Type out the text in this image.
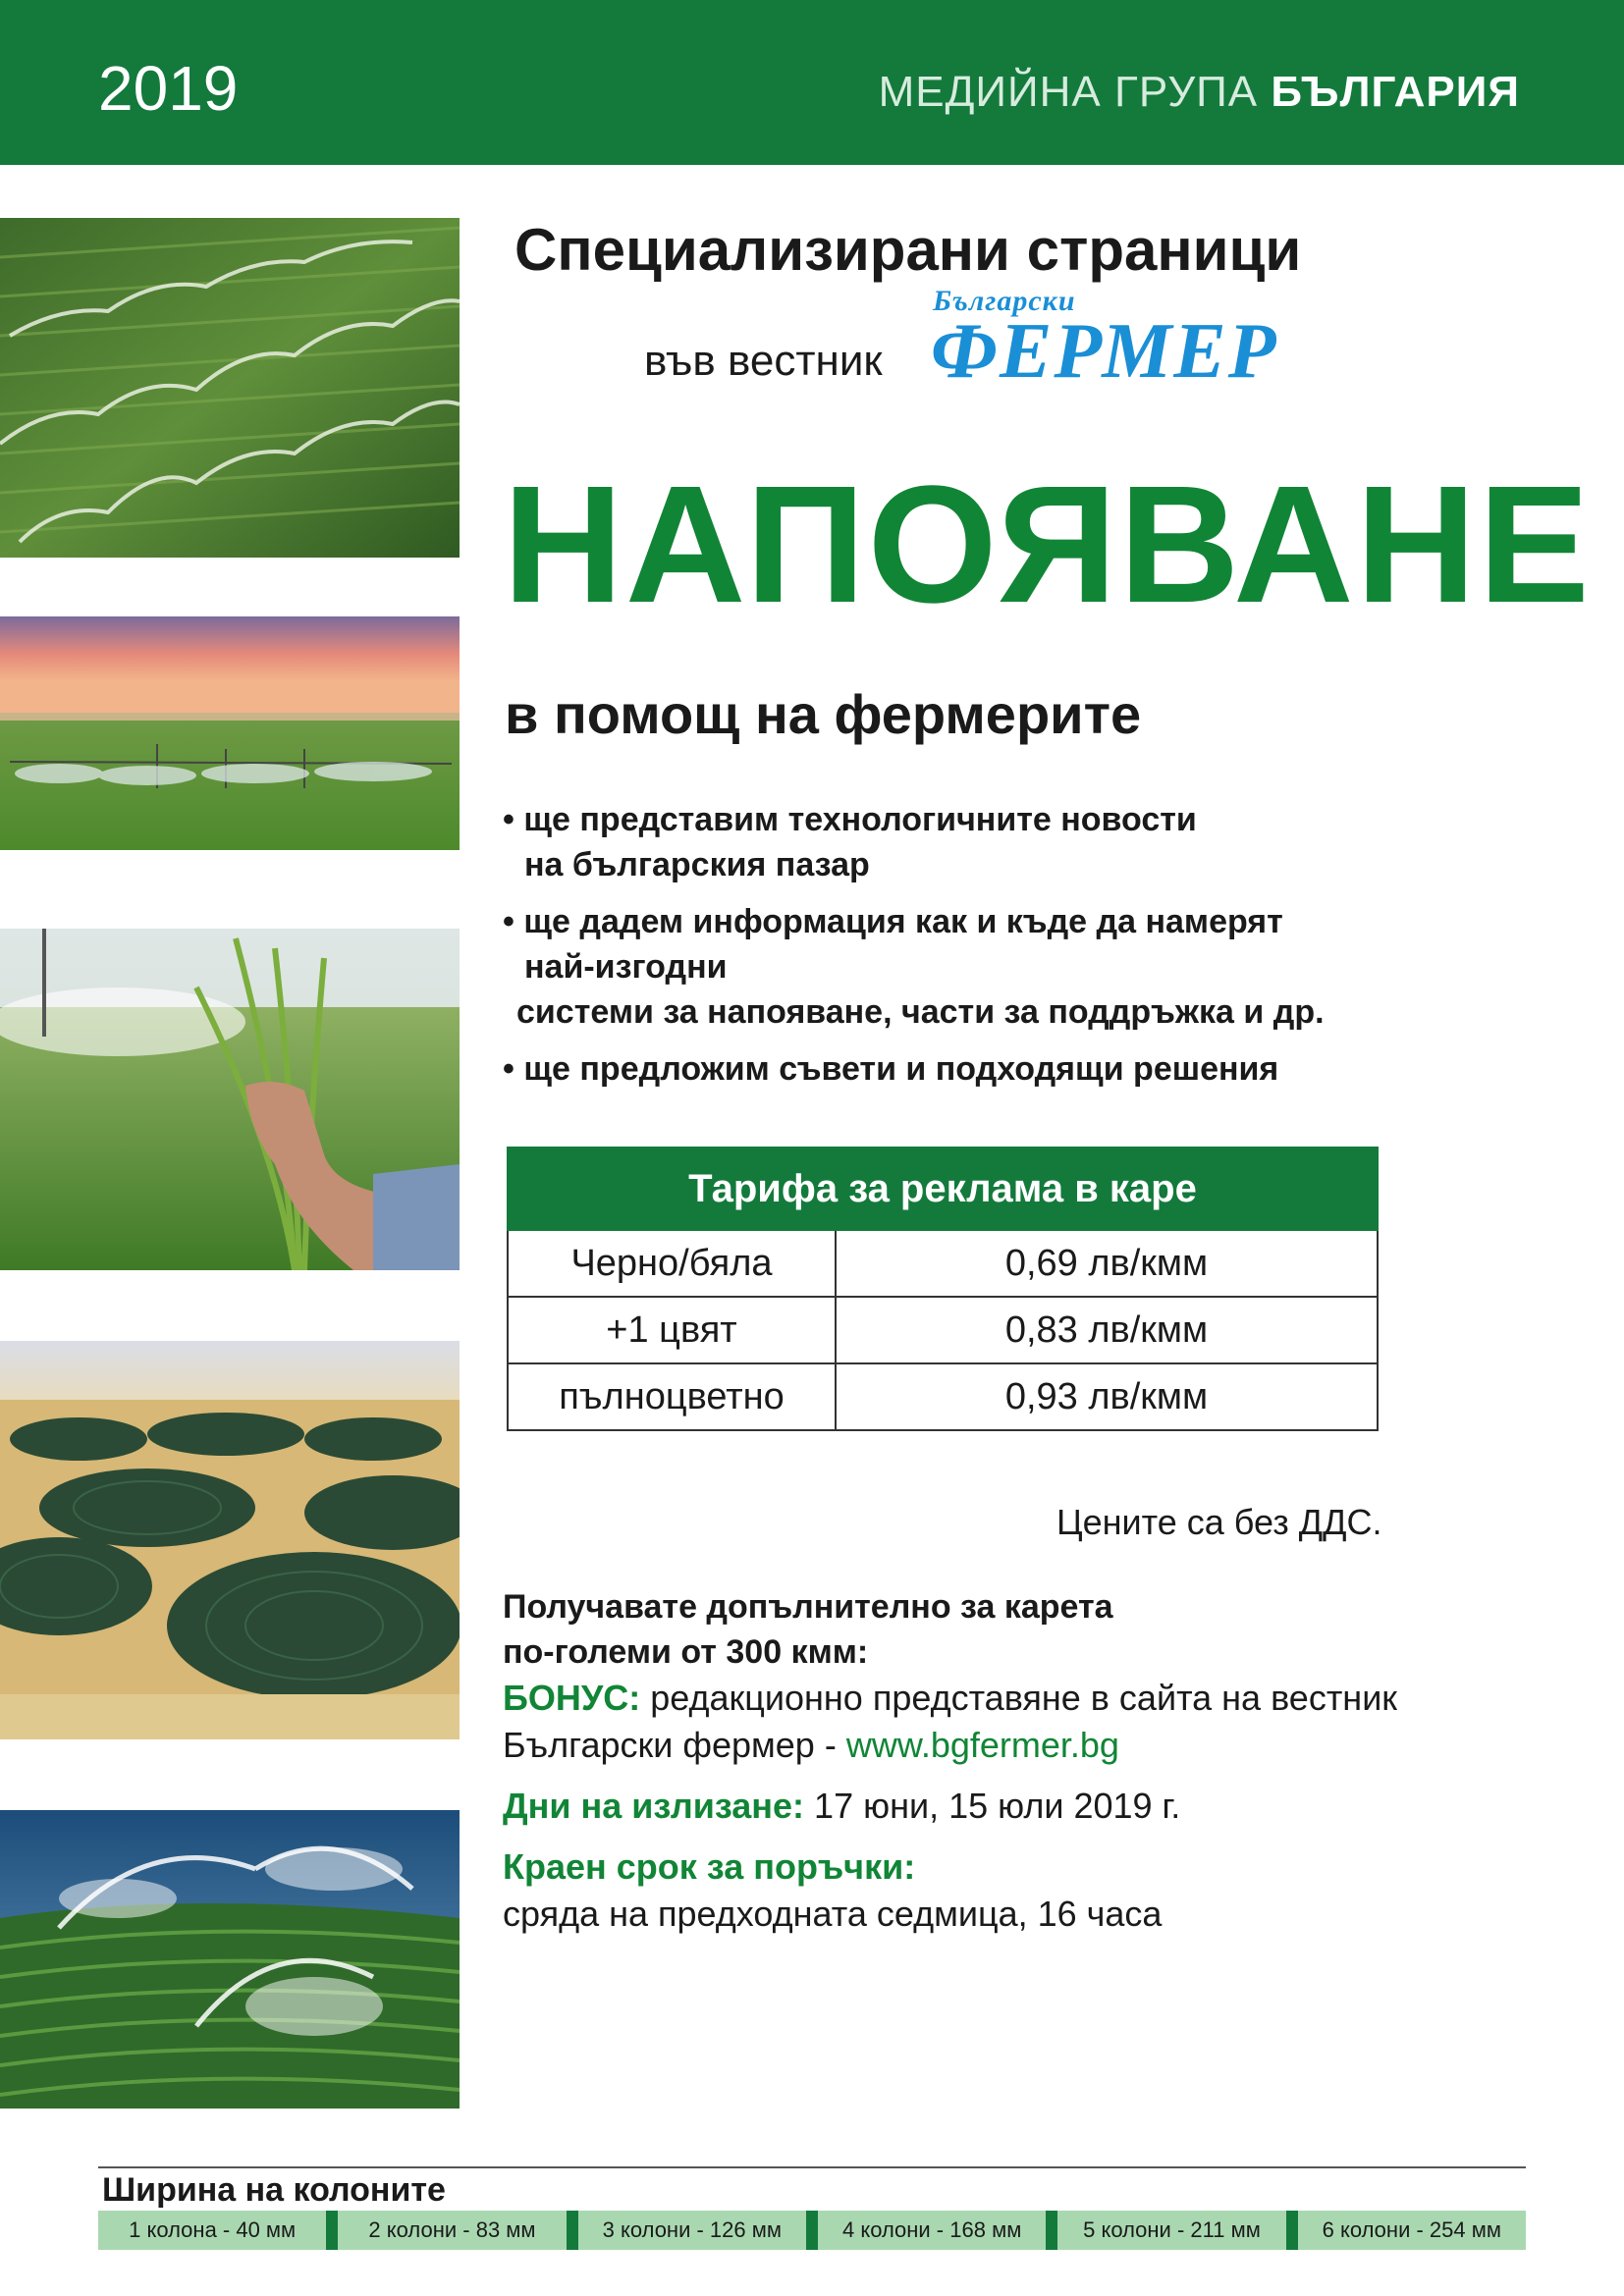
2019	МЕДИЙНА ГРУПА БЪЛГАРИЯ
Специализирани страници
във вестник
Български
ФЕРМЕР
НАПОЯВАНЕ
в помощ на фермерите
• ще представим технологичните новости
на българския пазар
• ще дадем информация как и къде да намерят
най-изгодни
системи за напояване, части за поддръжка и др.
• ще предложим съвети и подходящи решения
Тарифа за реклама в каре	
Черно/бяла	0,69 лв/кмм
+1 цвят	0,83 лв/кмм
пълноцветно	0,93 лв/кмм
Цените са без ДДС.
Получавате допълнително за карета
по-големи от 300 кмм:
БОНУС: редакционно представяне в сайта на вестник
Български фермер - www.bgfermer.bg
Дни на излизане: 17 юни, 15 юли 2019 г.
Краен срок за поръчки:
сряда на предходната седмица, 16 часа
Ширина на колоните
1 колона - 40 мм	2 колони - 83 мм	3 колони - 126 мм	4 колони - 168 мм	5 колони - 211 мм	6 колони - 254 мм
